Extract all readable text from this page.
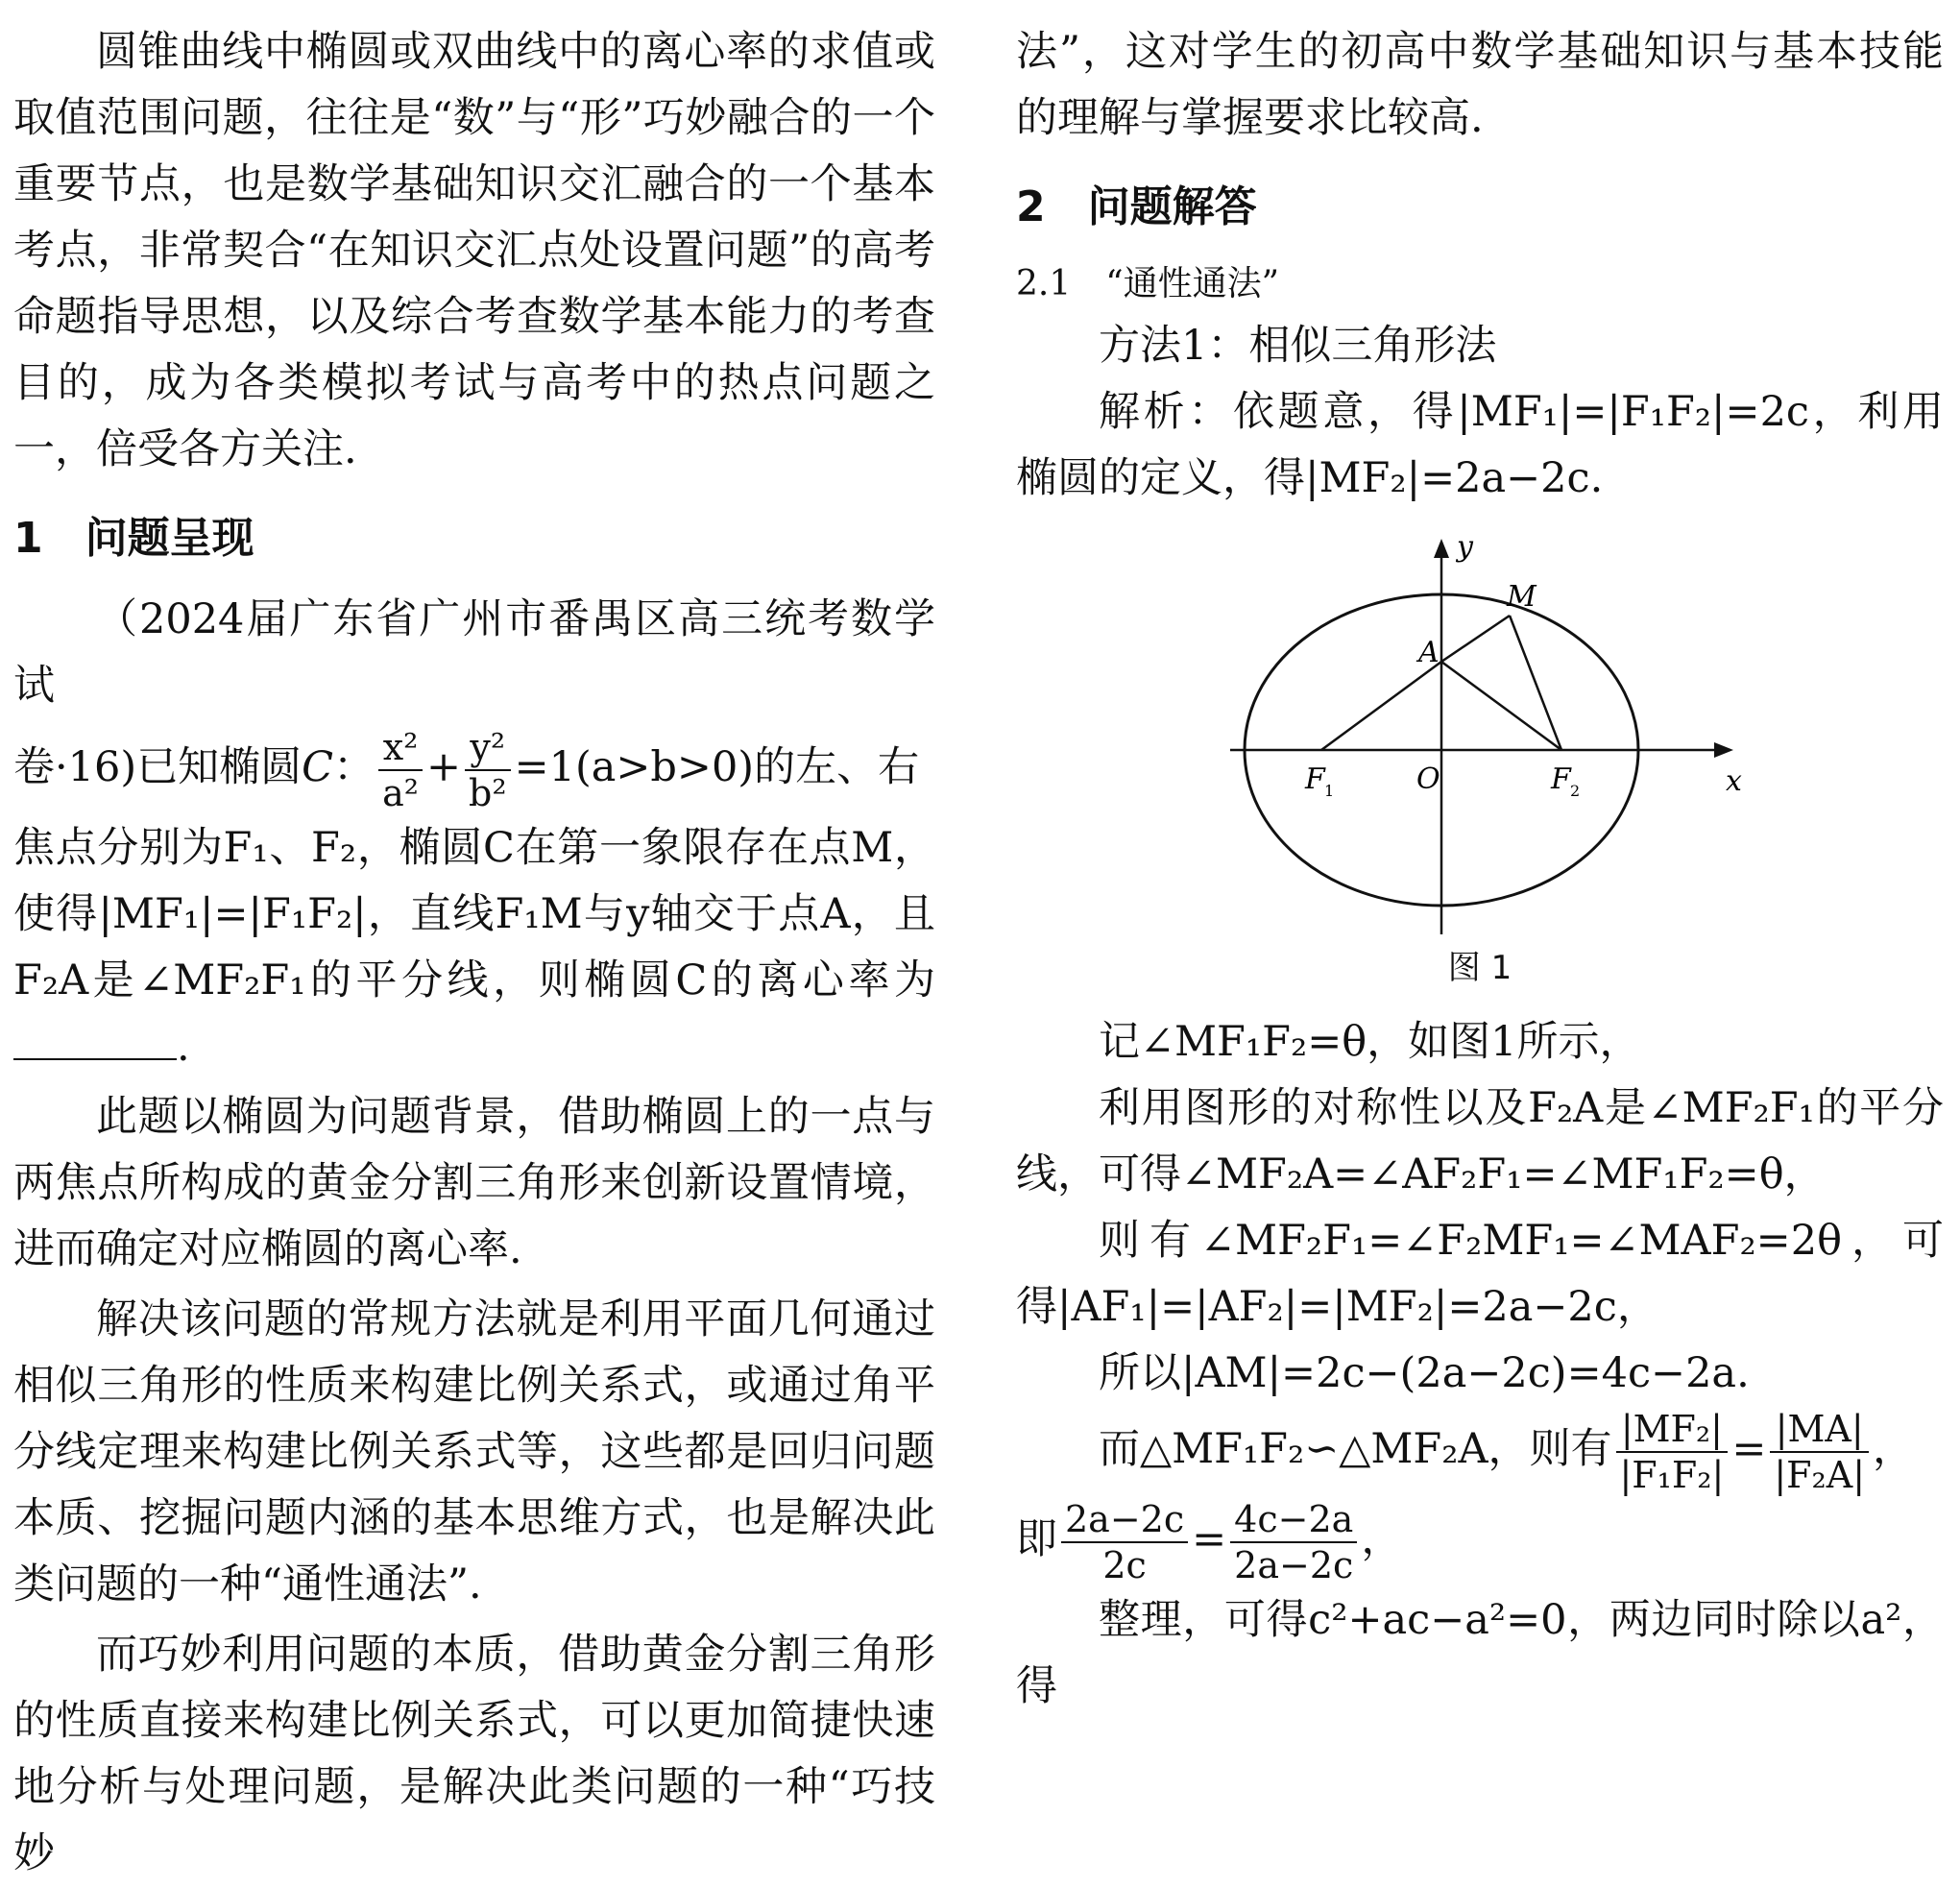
圆锥曲线中椭圆或双曲线中的离心率的求值或取值范围问题，往往是“数”与“形”巧妙融合的一个重要节点，也是数学基础知识交汇融合的一个基本考点，非常契合“在知识交汇点处设置问题”的高考命题指导思想，以及综合考查数学基本能力的考查目的，成为各类模拟考试与高考中的热点问题之一，倍受各方关注.

1　问题呈现

（2024届广东省广州市番禺区高三统考数学试

卷·16)已知椭圆C： $\frac{\text{x²}}{\text{a²}} + \frac{\text{y²}}{\text{b²}} =1(a>b>0)$的左、右

焦点分别为F₁、F₂，椭圆C在第一象限存在点M，使得|MF₁|=|F₁F₂|，直线F₁M与y轴交于点A，且F₂A是∠MF₂F₁的平分线，则椭圆C的离心率为.

此题以椭圆为问题背景，借助椭圆上的一点与两焦点所构成的黄金分割三角形来创新设置情境，进而确定对应椭圆的离心率.

解决该问题的常规方法就是利用平面几何通过相似三角形的性质来构建比例关系式，或通过角平分线定理来构建比例关系式等，这些都是回归问题本质、挖掘问题内涵的基本思维方式，也是解决此类问题的一种“通性通法”.

而巧妙利用问题的本质，借助黄金分割三角形的性质直接来构建比例关系式，可以更加简捷快速地分析与处理问题，是解决此类问题的一种“巧技妙

法”，这对学生的初高中数学基础知识与基本技能的理解与掌握要求比较高.

2　问题解答

2.1　“通性通法”

方法1：相似三角形法

解析：依题意，得|MF₁|=|F₁F₂|=2c，利用椭圆的定义，得|MF₂|=2a−2c.

y
x
M
A
O
F 1	F 2

图 1

记∠MF₁F₂=θ，如图1所示，

利用图形的对称性以及F₂A是∠MF₂F₁的平分线，可得∠MF₂A=∠AF₂F₁=∠MF₁F₂=θ，

则有∠MF₂F₁=∠F₂MF₁=∠MAF₂=2θ，可得|AF₁|=|AF₂|=|MF₂|=2a−2c，

所以|AM|=2c−(2a−2c)=4c−2a.

而△MF₁F₂∽△MF₂A，则有 $\frac{\text{|MF₂|}}{\text{|F₁F₂|}} = \frac{|MA|}{\text{|F₂A|}}$ ，

即 $\frac{2a-2c}{2c} = \frac{4c-2a}{2a-2c}$ ，

整理，可得c²+ac−a²=0，两边同时除以a²，得
